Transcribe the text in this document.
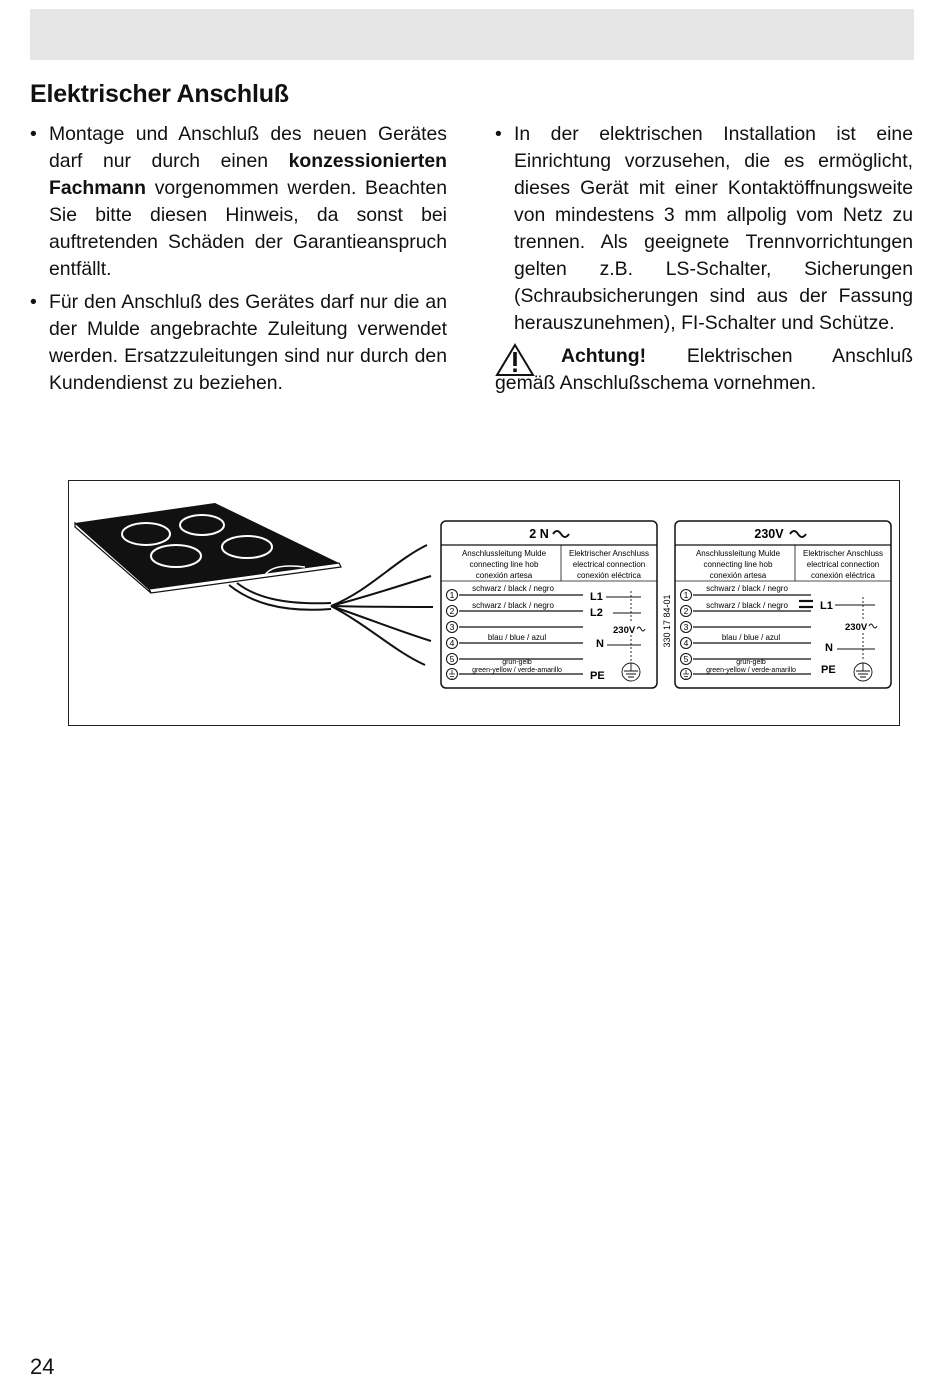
Elektrischer Anschluß
• Montage und Anschluß des neuen Gerätes darf nur durch einen konzessionierten Fachmann vorgenommen werden. Beachten Sie bitte diesen Hinweis, da sonst bei auftretenden Schäden der Garantieanspruch entfällt.
• Für den Anschluß des Gerätes darf nur die an der Mulde angebrachte Zuleitung verwendet werden. Ersatzzuleitungen sind nur durch den Kundendienst zu beziehen.
• In der elektrischen Installation ist eine Einrichtung vorzusehen, die es ermöglicht, dieses Gerät mit einer Kontaktöffnungsweite von mindestens 3 mm allpolig vom Netz zu trennen. Als geeignete Trennvorrichtungen gelten z.B. LS-Schalter, Sicherungen (Schraubsicherungen sind aus der Fassung herauszunehmen), FI-Schalter und Schütze.
Achtung! Elektrischen Anschluß
gemäß Anschlußschema vornehmen.
330 17 84-01
2 N
Anschlussleitung Mulde
connecting line hob
conexión artesa
Elektrischer Anschluss
electrical connection
conexión eléctrica
1
2
3
4
5
schwarz / black / negro
schwarz / black / negro
blau / blue / azul
grün-gelb
green-yellow / verde-amarillo
L1
L2
230V
N
PE
230V
Anschlussleitung Mulde
connecting line hob
conexión artesa
Elektrischer Anschluss
electrical connection
conexión eléctrica
1
2
3
4
5
schwarz / black / negro
schwarz / black / negro
blau / blue / azul
grün-gelb
green-yellow / verde-amarillo
L1
230V
N
PE
24
